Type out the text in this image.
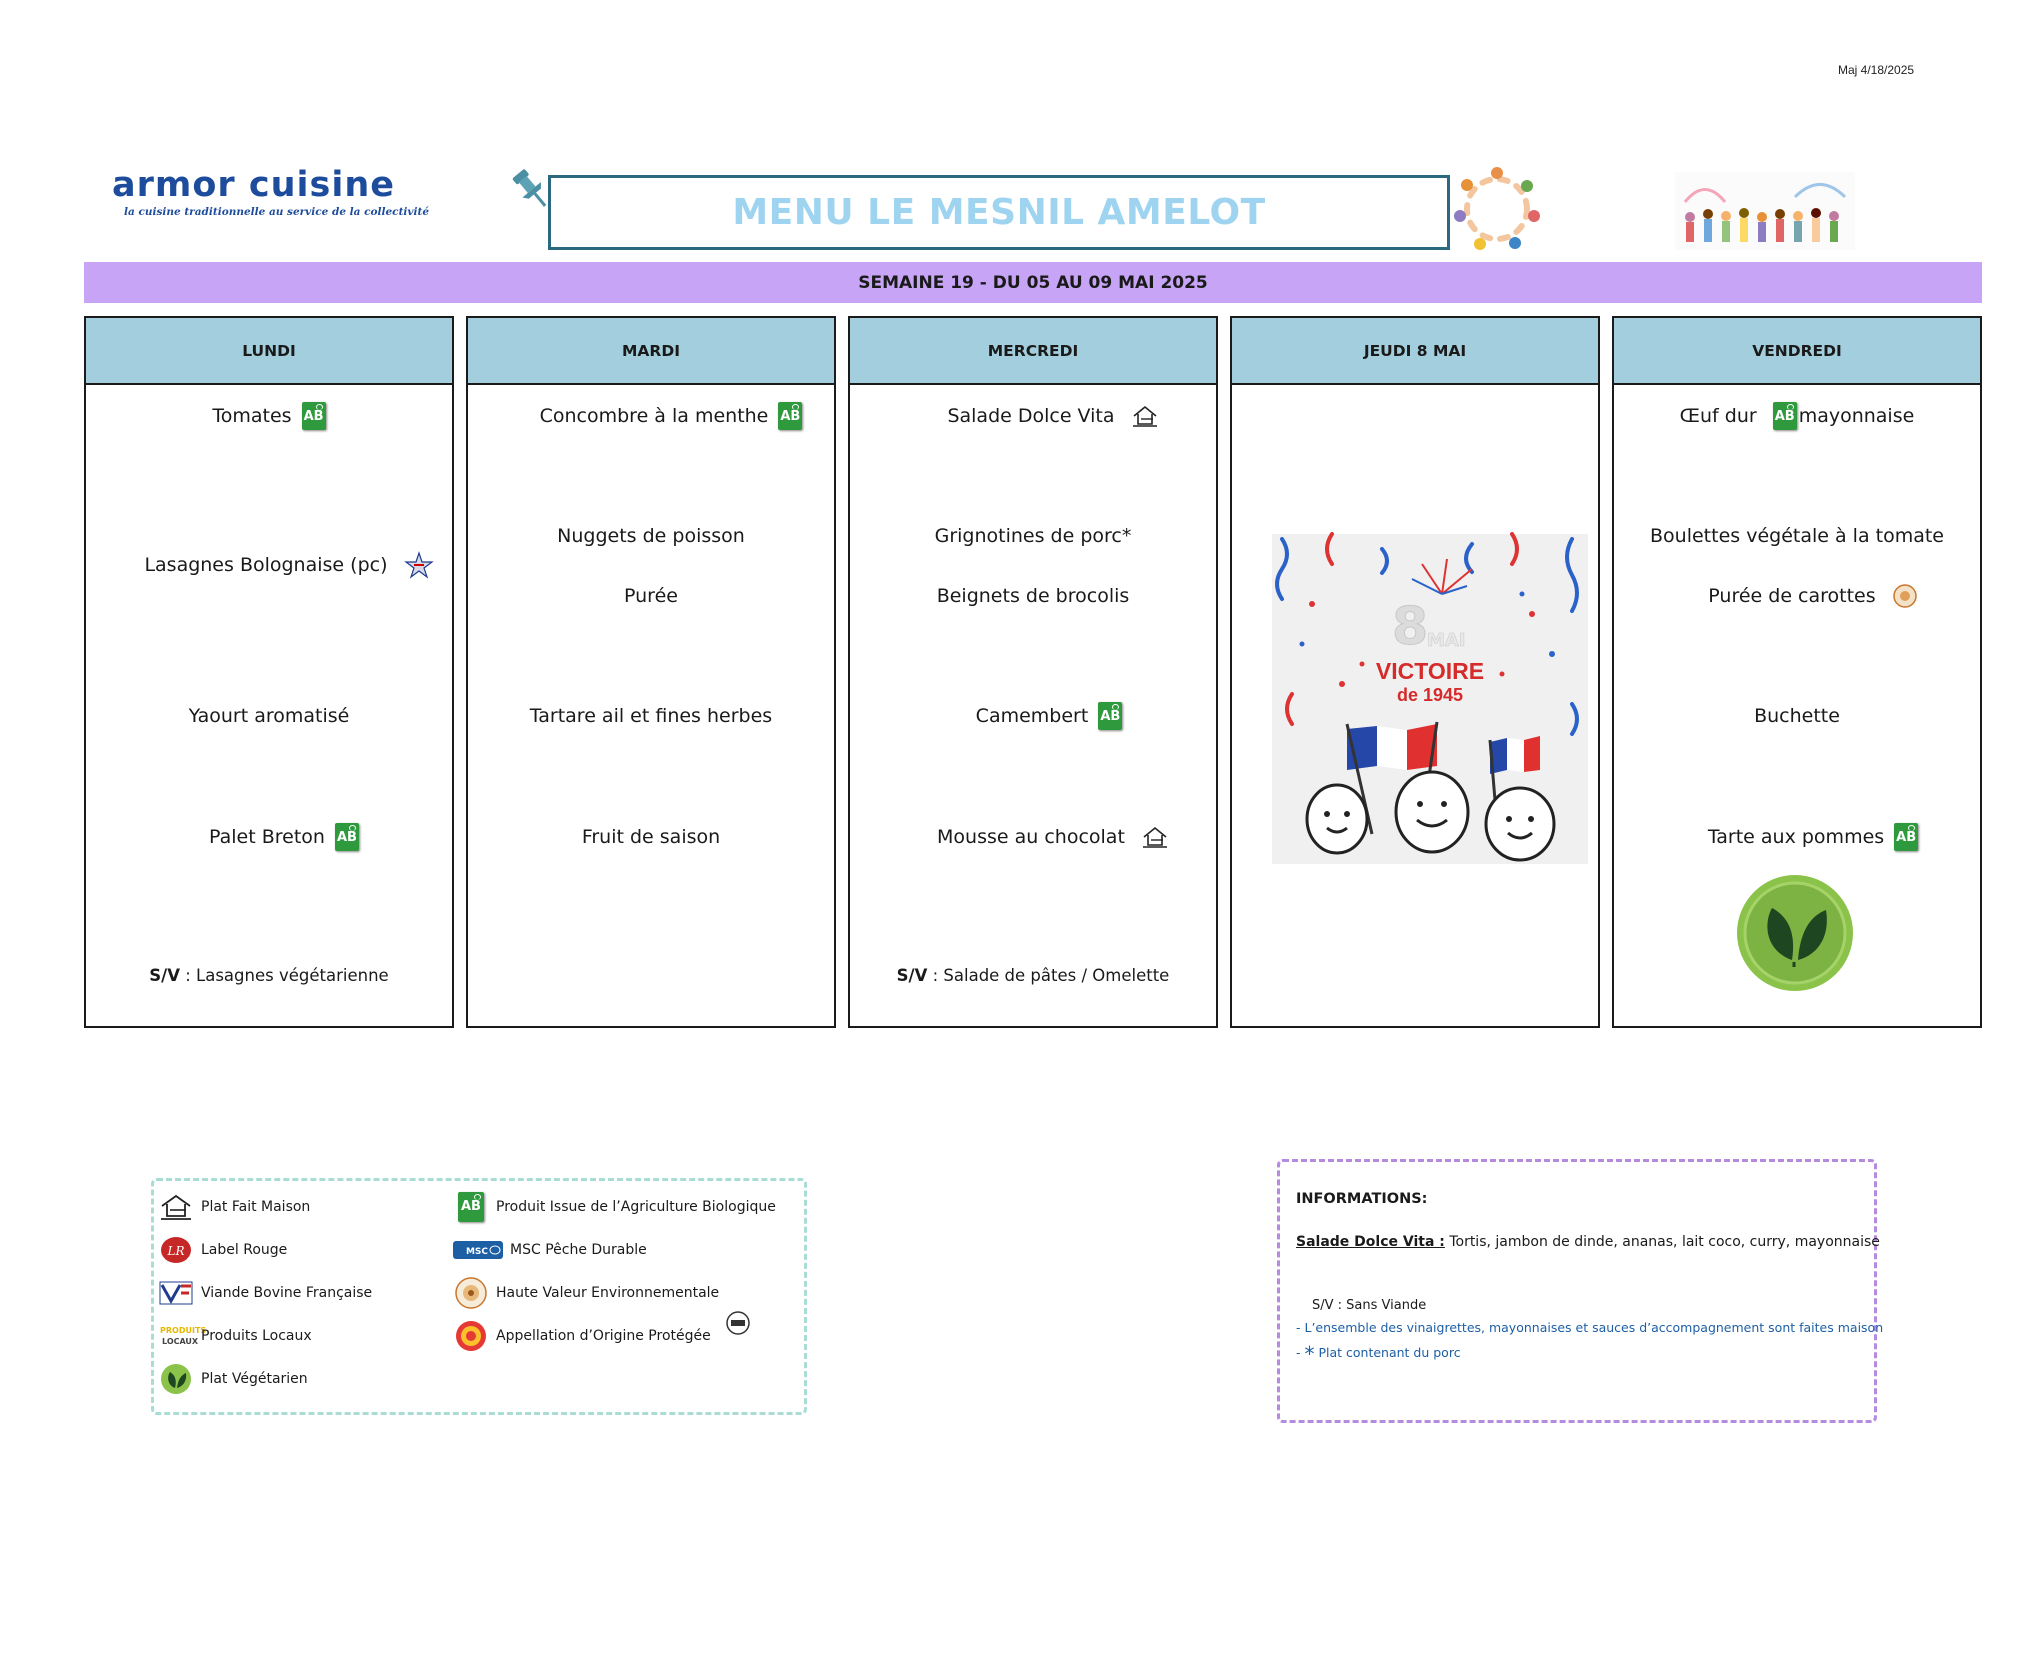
Maj 4/18/2025
armor cuisine
la cuisine traditionnelle au service de la collectivité	MENU LE MESNIL AMELOT
SEMAINE 19 - DU 05 AU 09 MAI 2025
LUNDI
Tomates AB
Lasagnes Bolognaise (pc)
Yaourt aromatisé
Palet Breton AB
S/V : Lasagnes végétarienne
MARDI
Concombre à la menthe AB
Nuggets de poisson
Purée
Tartare ail et fines herbes
Fruit de saison
MERCREDI
Salade Dolce Vita
Grignotines de porc*
Beignets de brocolis
Camembert AB
Mousse au chocolat
S/V : Salade de pâtes / Omelette
JEUDI 8 MAI
8
MAI
VICTOIRE
de 1945
VENDREDI
Œuf dur AB mayonnaise
Boulettes végétale à la tomate
Purée de carottes
Buchette
Tarte aux pommes AB
Plat Fait Maison
LR Label Rouge
Viande Bovine Française
PRODUITS
LOCAUX Produits Locaux
Plat Végétarien
AB Produit Issue de l’Agriculture Biologique
MSC MSC Pêche Durable
Haute Valeur Environnementale
Appellation d’Origine Protégée
INFORMATIONS:
Salade Dolce Vita : Tortis, jambon de dinde, ananas, lait coco, curry, mayonnaise
S/V : Sans Viande
- L’ensemble des vinaigrettes, mayonnaises et sauces d’accompagnement sont faites maison
- * Plat contenant du porc
